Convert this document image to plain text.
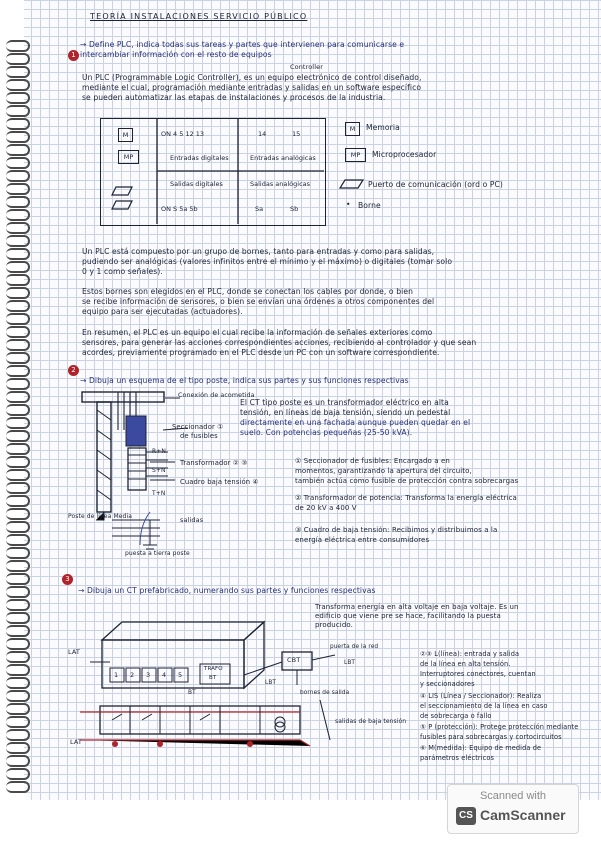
TEORÍA INSTALACIONES SERVICIO PÚBLICO
1
→ Define PLC, indica todas sus tareas y partes que intervienen para comunicarse e
intercambiar información con el resto de equipos
Controller
Un PLC (Programmable Logic Controller), es un equipo electrónico de control diseñado,
mediante el cual, programación mediante entradas y salidas en un software específico
se pueden automatizar las etapas de instalaciones y procesos de la industria.
M
MP
ON 4 5 12 13	14	15
Entradas digitales	Entradas analógicas
Salidas digitales	Salidas analógicas
ON S 5a 5b	Sa	Sb
M	Memoria
MP	Microprocesador
Puerto de comunicación (ord o PC)
• Borne
Un PLC está compuesto por un grupo de bornes, tanto para entradas y como para salidas,
pudiendo ser analógicas (valores infinitos entre el mínimo y el máximo) o digitales (tomar solo
0 y 1 como señales).
Estos bornes son elegidos en el PLC, donde se conectan los cables por donde, o bien
se recibe información de sensores, o bien se envían una órdenes a otros componentes del
equipo para ser ejecutadas (actuadores).
En resumen, el PLC es un equipo el cual recibe la información de señales exteriores como
sensores, para generar las acciones correspondientes acciones, recibiendo al controlador y que sean
acordes, previamente programado en el PLC desde un PC con un software correspondiente.
2
→ Dibuja un esquema de el tipo poste, indica sus partes y sus funciones respectivas
Conexión de acometida
Seccionador ①
de fusibles
R+N
Transformador ② ③
S+N
Cuadro baja tensión ④
T+N
Poste de línea Media
puesta a tierra poste
salidas
El CT tipo poste es un transformador eléctrico en alta
tensión, en líneas de baja tensión, siendo un pedestal
directamente en una fachada aunque pueden quedar en el
suelo. Con potencias pequeñas (25-50 kVA).
① Seccionador de fusibles: Encargado a en
momentos, garantizando la apertura del circuito,
también actúa como fusible de protección contra sobrecargas
② Transformador de potencia: Transforma la energía eléctrica
de 20 kV a 400 V
③ Cuadro de baja tensión: Recibimos y distribuimos a la
energía eléctrica entre consumidores
3
→ Dibuja un CT prefabricado, numerando sus partes y funciones respectivas
Transforma energía en alta voltaje en baja voltaje. Es un
edificio que viene pre se hace, facilitando la puesta
producido.
1 2 3 4 5
TRAFO
BT
LAT
LAT
CBT
puerta de la red
LBT
LBT
BT	bornes de salida
salidas de baja tensión
②③ L(línea): entrada y salida
de la línea en alta tensión.
Interruptores conectores, cuentan
y seccionadores
④ LIS (Línea / Seccionador): Realiza
el seccionamiento de la línea en caso
de sobrecarga o fallo
⑤ P (protección): Protege protección mediante
fusibles para sobrecargas y cortocircuitos
⑥ M(medida): Equipo de medida de
parámetros eléctricos
Scanned with
CS CamScanner
